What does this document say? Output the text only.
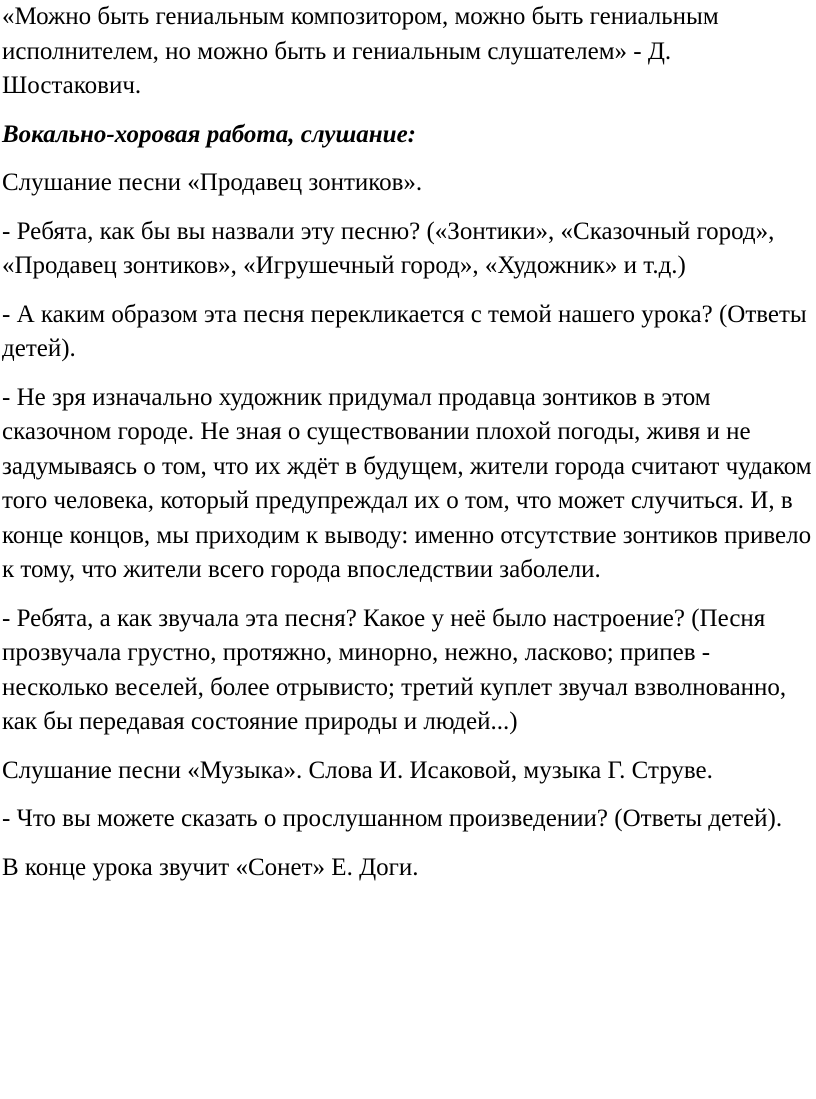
«Можно быть гениальным композитором, можно быть гениальным исполнителем, но можно быть и гениальным слушателем» - Д. Шостакович.

Вокально-хоровая работа, слушание:

Слушание песни «Продавец зонтиков».

- Ребята, как бы вы назвали эту песню? («Зонтики», «Сказочный город», «Продавец зонтиков», «Игрушечный город», «Художник» и т.д.)

- А каким образом эта песня перекликается с темой нашего урока? (Ответы детей).

- Не зря изначально художник придумал продавца зонтиков в этом сказочном городе. Не зная о существовании плохой погоды, живя и не задумываясь о том, что их ждёт в будущем, жители города считают чудаком того человека, который предупреждал их о том, что может случиться. И, в конце концов, мы приходим к выводу: именно отсутствие зонтиков привело к тому, что жители всего города впоследствии заболели.

- Ребята, а как звучала эта песня? Какое у неё было настроение? (Песня прозвучала грустно, протяжно, минорно, нежно, ласково; припев - несколько веселей, более отрывисто; третий куплет звучал взволнованно, как бы передавая состояние природы и людей...)

Слушание песни «Музыка». Слова И. Исаковой, музыка Г. Струве.

- Что вы можете сказать о прослушанном произведении? (Ответы детей).

В конце урока звучит «Сонет» Е. Доги.
